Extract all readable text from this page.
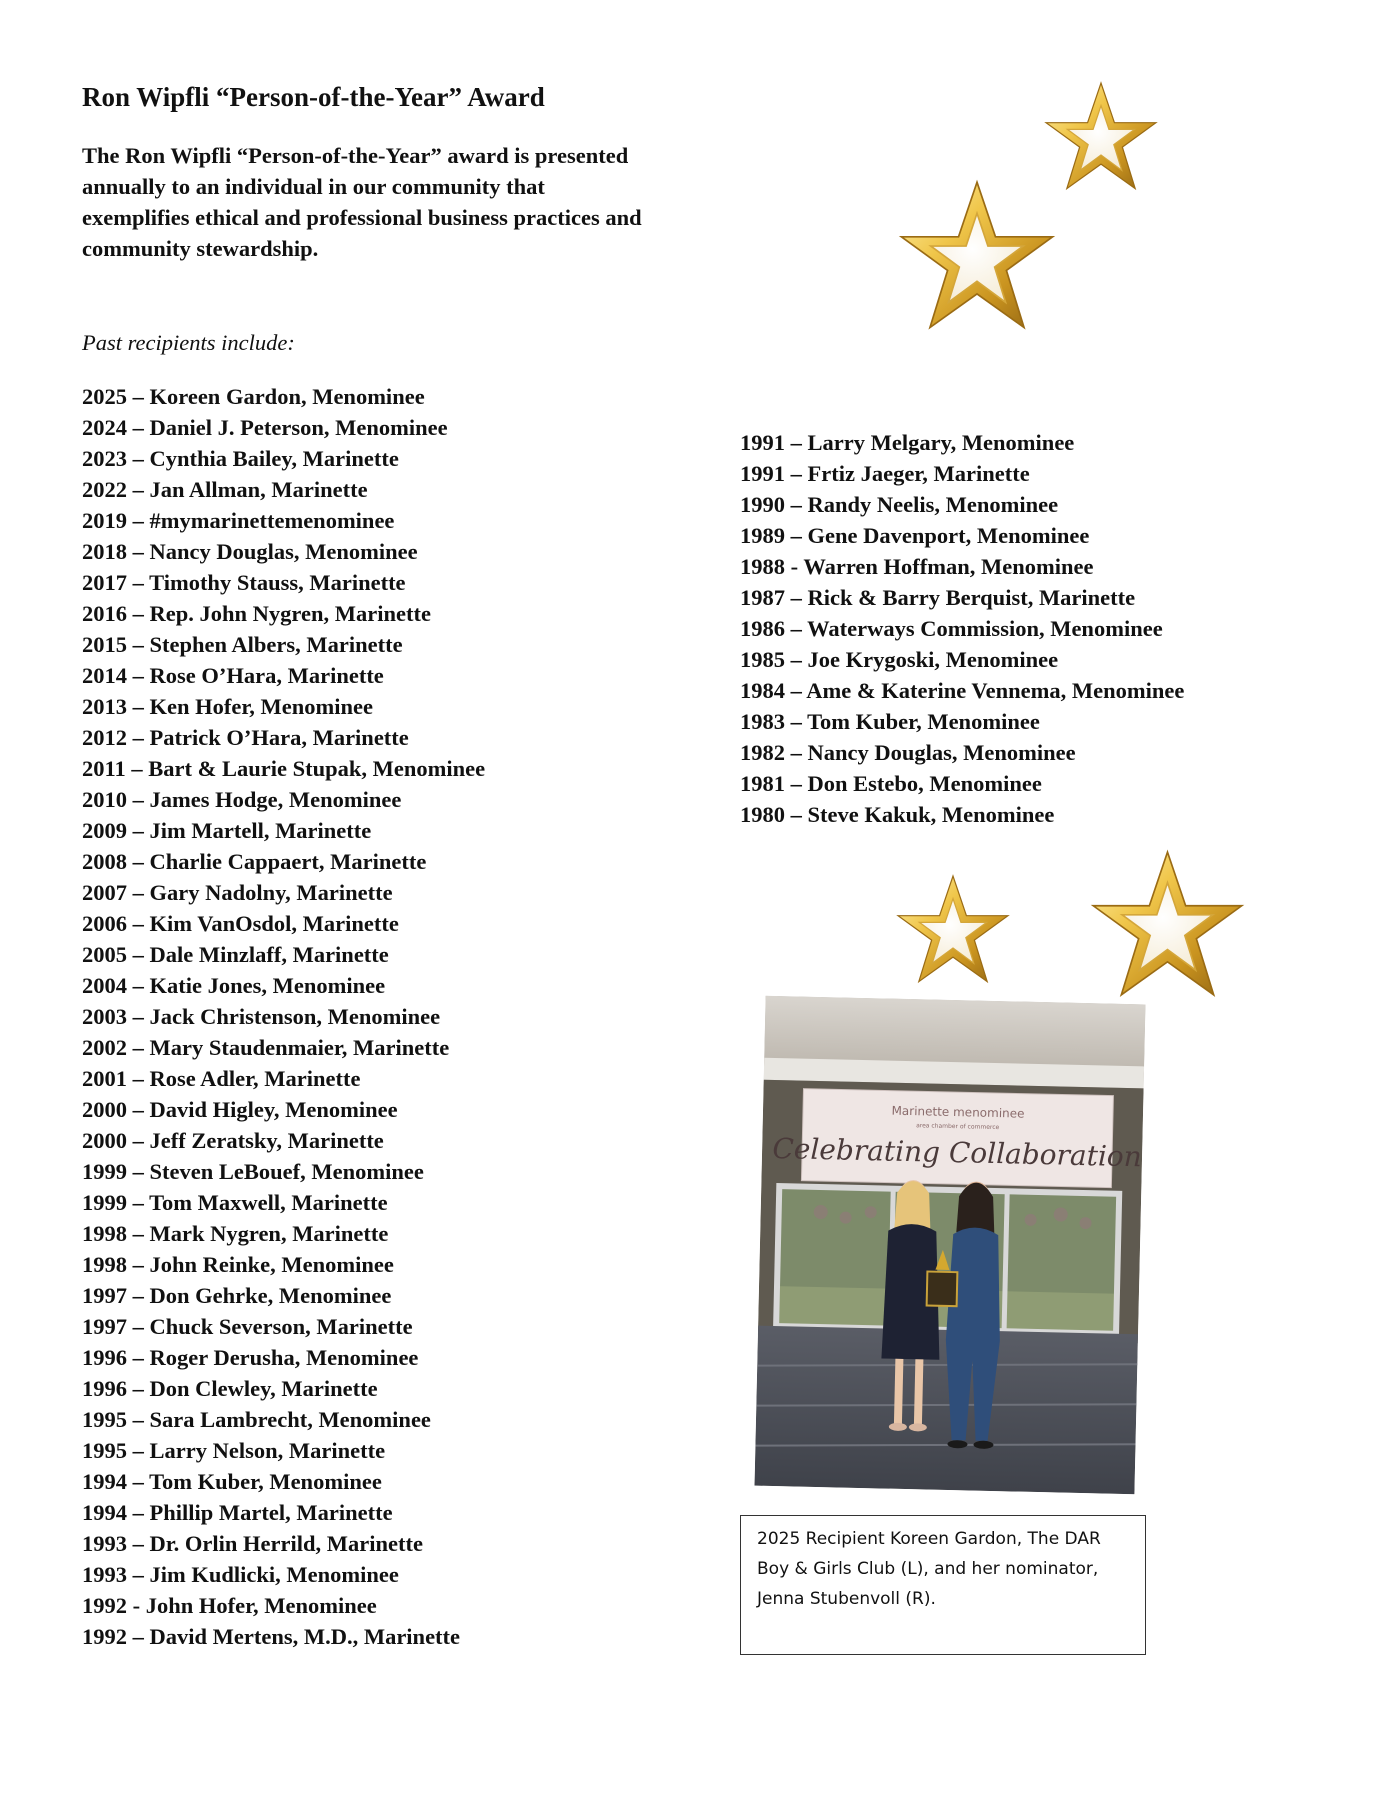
Ron Wipfli “Person-of-the-Year” Award
The Ron Wipfli “Person-of-the-Year” award is presented annually to an individual in our community that exemplifies ethical and professional business practices and community stewardship.
Past recipients include:
2025 – Koreen Gardon, Menominee
2024 – Daniel J. Peterson, Menominee
2023 – Cynthia Bailey, Marinette
2022 – Jan Allman, Marinette
2019 – #mymarinettemenominee
2018 – Nancy Douglas, Menominee
2017 – Timothy Stauss, Marinette
2016 – Rep. John Nygren, Marinette
2015 – Stephen Albers, Marinette
2014 – Rose O’Hara, Marinette
2013 – Ken Hofer, Menominee
2012 – Patrick O’Hara, Marinette
2011 – Bart & Laurie Stupak, Menominee
2010 – James Hodge, Menominee
2009 – Jim Martell, Marinette
2008 – Charlie Cappaert, Marinette
2007 – Gary Nadolny, Marinette
2006 – Kim VanOsdol, Marinette
2005 – Dale Minzlaff, Marinette
2004 – Katie Jones, Menominee
2003 – Jack Christenson, Menominee
2002 – Mary Staudenmaier, Marinette
2001 – Rose Adler, Marinette
2000 – David Higley, Menominee
2000 – Jeff Zeratsky, Marinette
1999 – Steven LeBouef, Menominee
1999 – Tom Maxwell, Marinette
1998 – Mark Nygren, Marinette
1998 – John Reinke, Menominee
1997 – Don Gehrke, Menominee
1997 – Chuck Severson, Marinette
1996 – Roger Derusha, Menominee
1996 – Don Clewley, Marinette
1995 – Sara Lambrecht, Menominee
1995 – Larry Nelson, Marinette
1994 – Tom Kuber, Menominee
1994 – Phillip Martel, Marinette
1993 – Dr. Orlin Herrild, Marinette
1993 – Jim Kudlicki, Menominee
1992 - John Hofer, Menominee
1992 – David Mertens, M.D., Marinette
1991 – Larry Melgary, Menominee
1991 – Frtiz Jaeger, Marinette
1990 – Randy Neelis, Menominee
1989 – Gene Davenport, Menominee
1988 - Warren Hoffman, Menominee
1987 – Rick & Barry Berquist, Marinette
1986 – Waterways Commission, Menominee
1985 – Joe Krygoski, Menominee
1984 – Ame & Katerine Vennema, Menominee
1983 – Tom Kuber, Menominee
1982 – Nancy Douglas, Menominee
1981 – Don Estebo, Menominee
1980 – Steve Kakuk, Menominee
Marinette menominee
area chamber of commerce
Celebrating Collaboration
2025 Recipient Koreen Gardon, The DAR Boy & Girls Club (L), and her nominator, Jenna Stubenvoll (R).
